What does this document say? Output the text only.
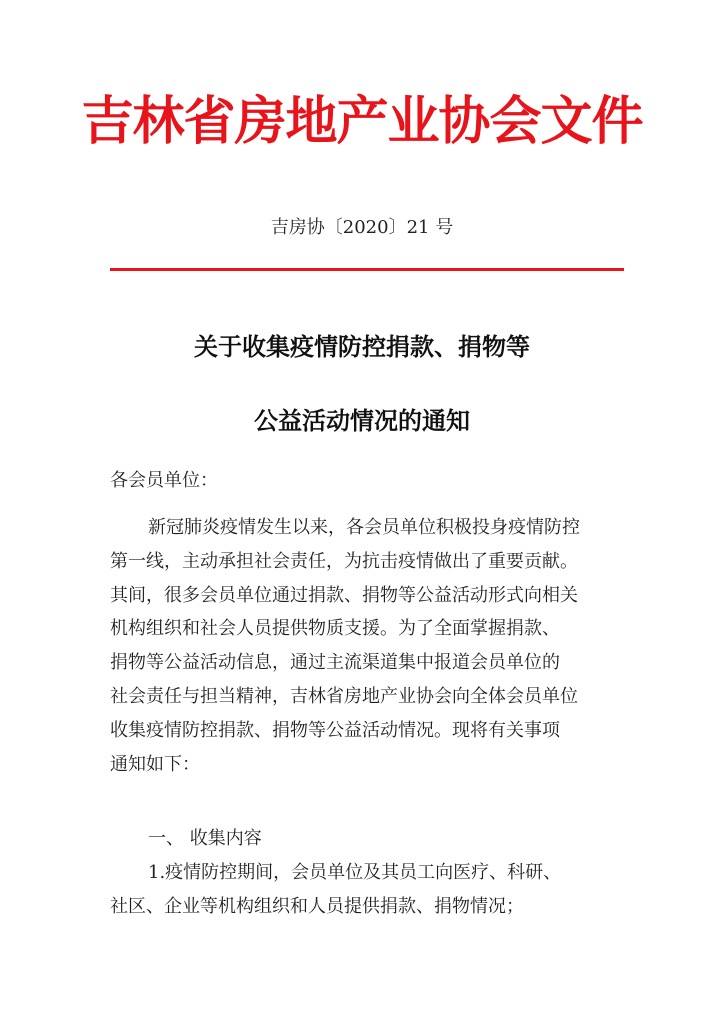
吉林省房地产业协会文件
吉房协〔2020〕21 号
关于收集疫情防控捐款、捐物等
公益活动情况的通知
各会员单位：
新冠肺炎疫情发生以来，各会员单位积极投身疫情防控
第一线，主动承担社会责任，为抗击疫情做出了重要贡献。
其间，很多会员单位通过捐款、捐物等公益活动形式向相关
机构组织和社会人员提供物质支援。为了全面掌握捐款、
捐物等公益活动信息，通过主流渠道集中报道会员单位的
社会责任与担当精神，吉林省房地产业协会向全体会员单位
收集疫情防控捐款、捐物等公益活动情况。现将有关事项
通知如下：
一、 收集内容
1.疫情防控期间，会员单位及其员工向医疗、科研、
社区、企业等机构组织和人员提供捐款、捐物情况；
